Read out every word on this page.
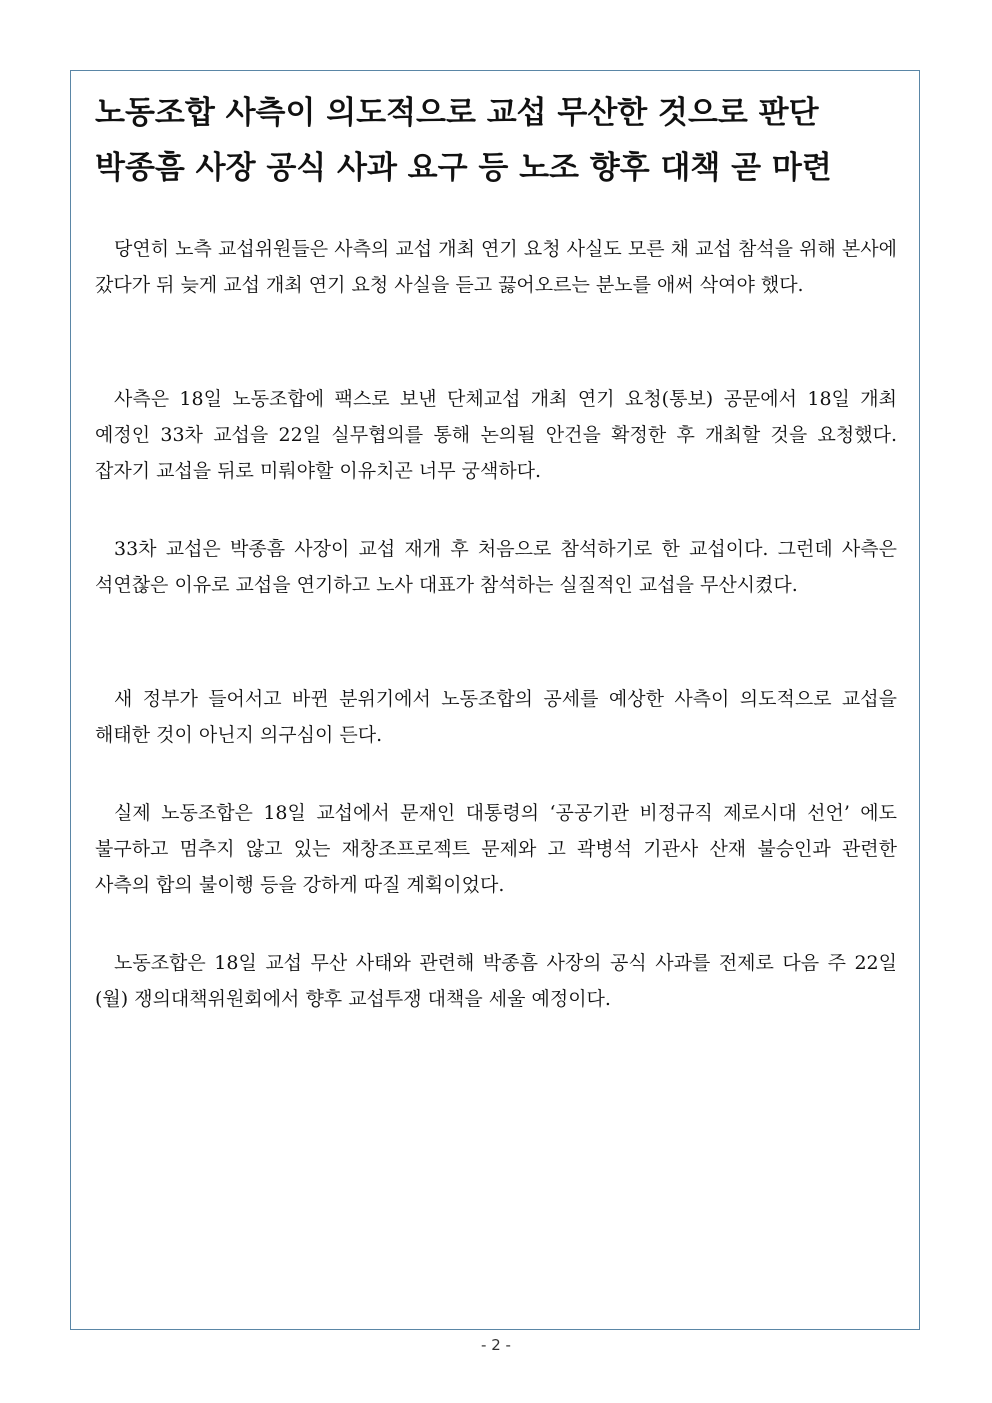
노동조합 사측이 의도적으로 교섭 무산한 것으로 판단
박종흠 사장 공식 사과 요구 등 노조 향후 대책 곧 마련

당연히 노측 교섭위원들은 사측의 교섭 개최 연기 요청 사실도 모른 채 교섭 참석을 위해 본사에 갔다가 뒤 늦게 교섭 개최 연기 요청 사실을 듣고 끓어오르는 분노를 애써 삭여야 했다.

사측은 18일 노동조합에 팩스로 보낸 단체교섭 개최 연기 요청(통보) 공문에서 18일 개최 예정인 33차 교섭을 22일 실무협의를 통해 논의될 안건을 확정한 후 개최할 것을 요청했다. 잡자기 교섭을 뒤로 미뤄야할 이유치곤 너무 궁색하다.

33차 교섭은 박종흠 사장이 교섭 재개 후 처음으로 참석하기로 한 교섭이다. 그런데 사측은 석연찮은 이유로 교섭을 연기하고 노사 대표가 참석하는 실질적인 교섭을 무산시켰다.

새 정부가 들어서고 바뀐 분위기에서 노동조합의 공세를 예상한 사측이 의도적으로 교섭을 해태한 것이 아닌지 의구심이 든다.

실제 노동조합은 18일 교섭에서 문재인 대통령의 ‘공공기관 비정규직 제로시대 선언’ 에도 불구하고 멈추지 않고 있는 재창조프로젝트 문제와 고 곽병석 기관사 산재 불승인과 관련한 사측의 합의 불이행 등을 강하게 따질 계획이었다.

노동조합은 18일 교섭 무산 사태와 관련해 박종흠 사장의 공식 사과를 전제로 다음 주 22일(월) 쟁의대책위원회에서 향후 교섭투쟁 대책을 세울 예정이다.

- 2 -
